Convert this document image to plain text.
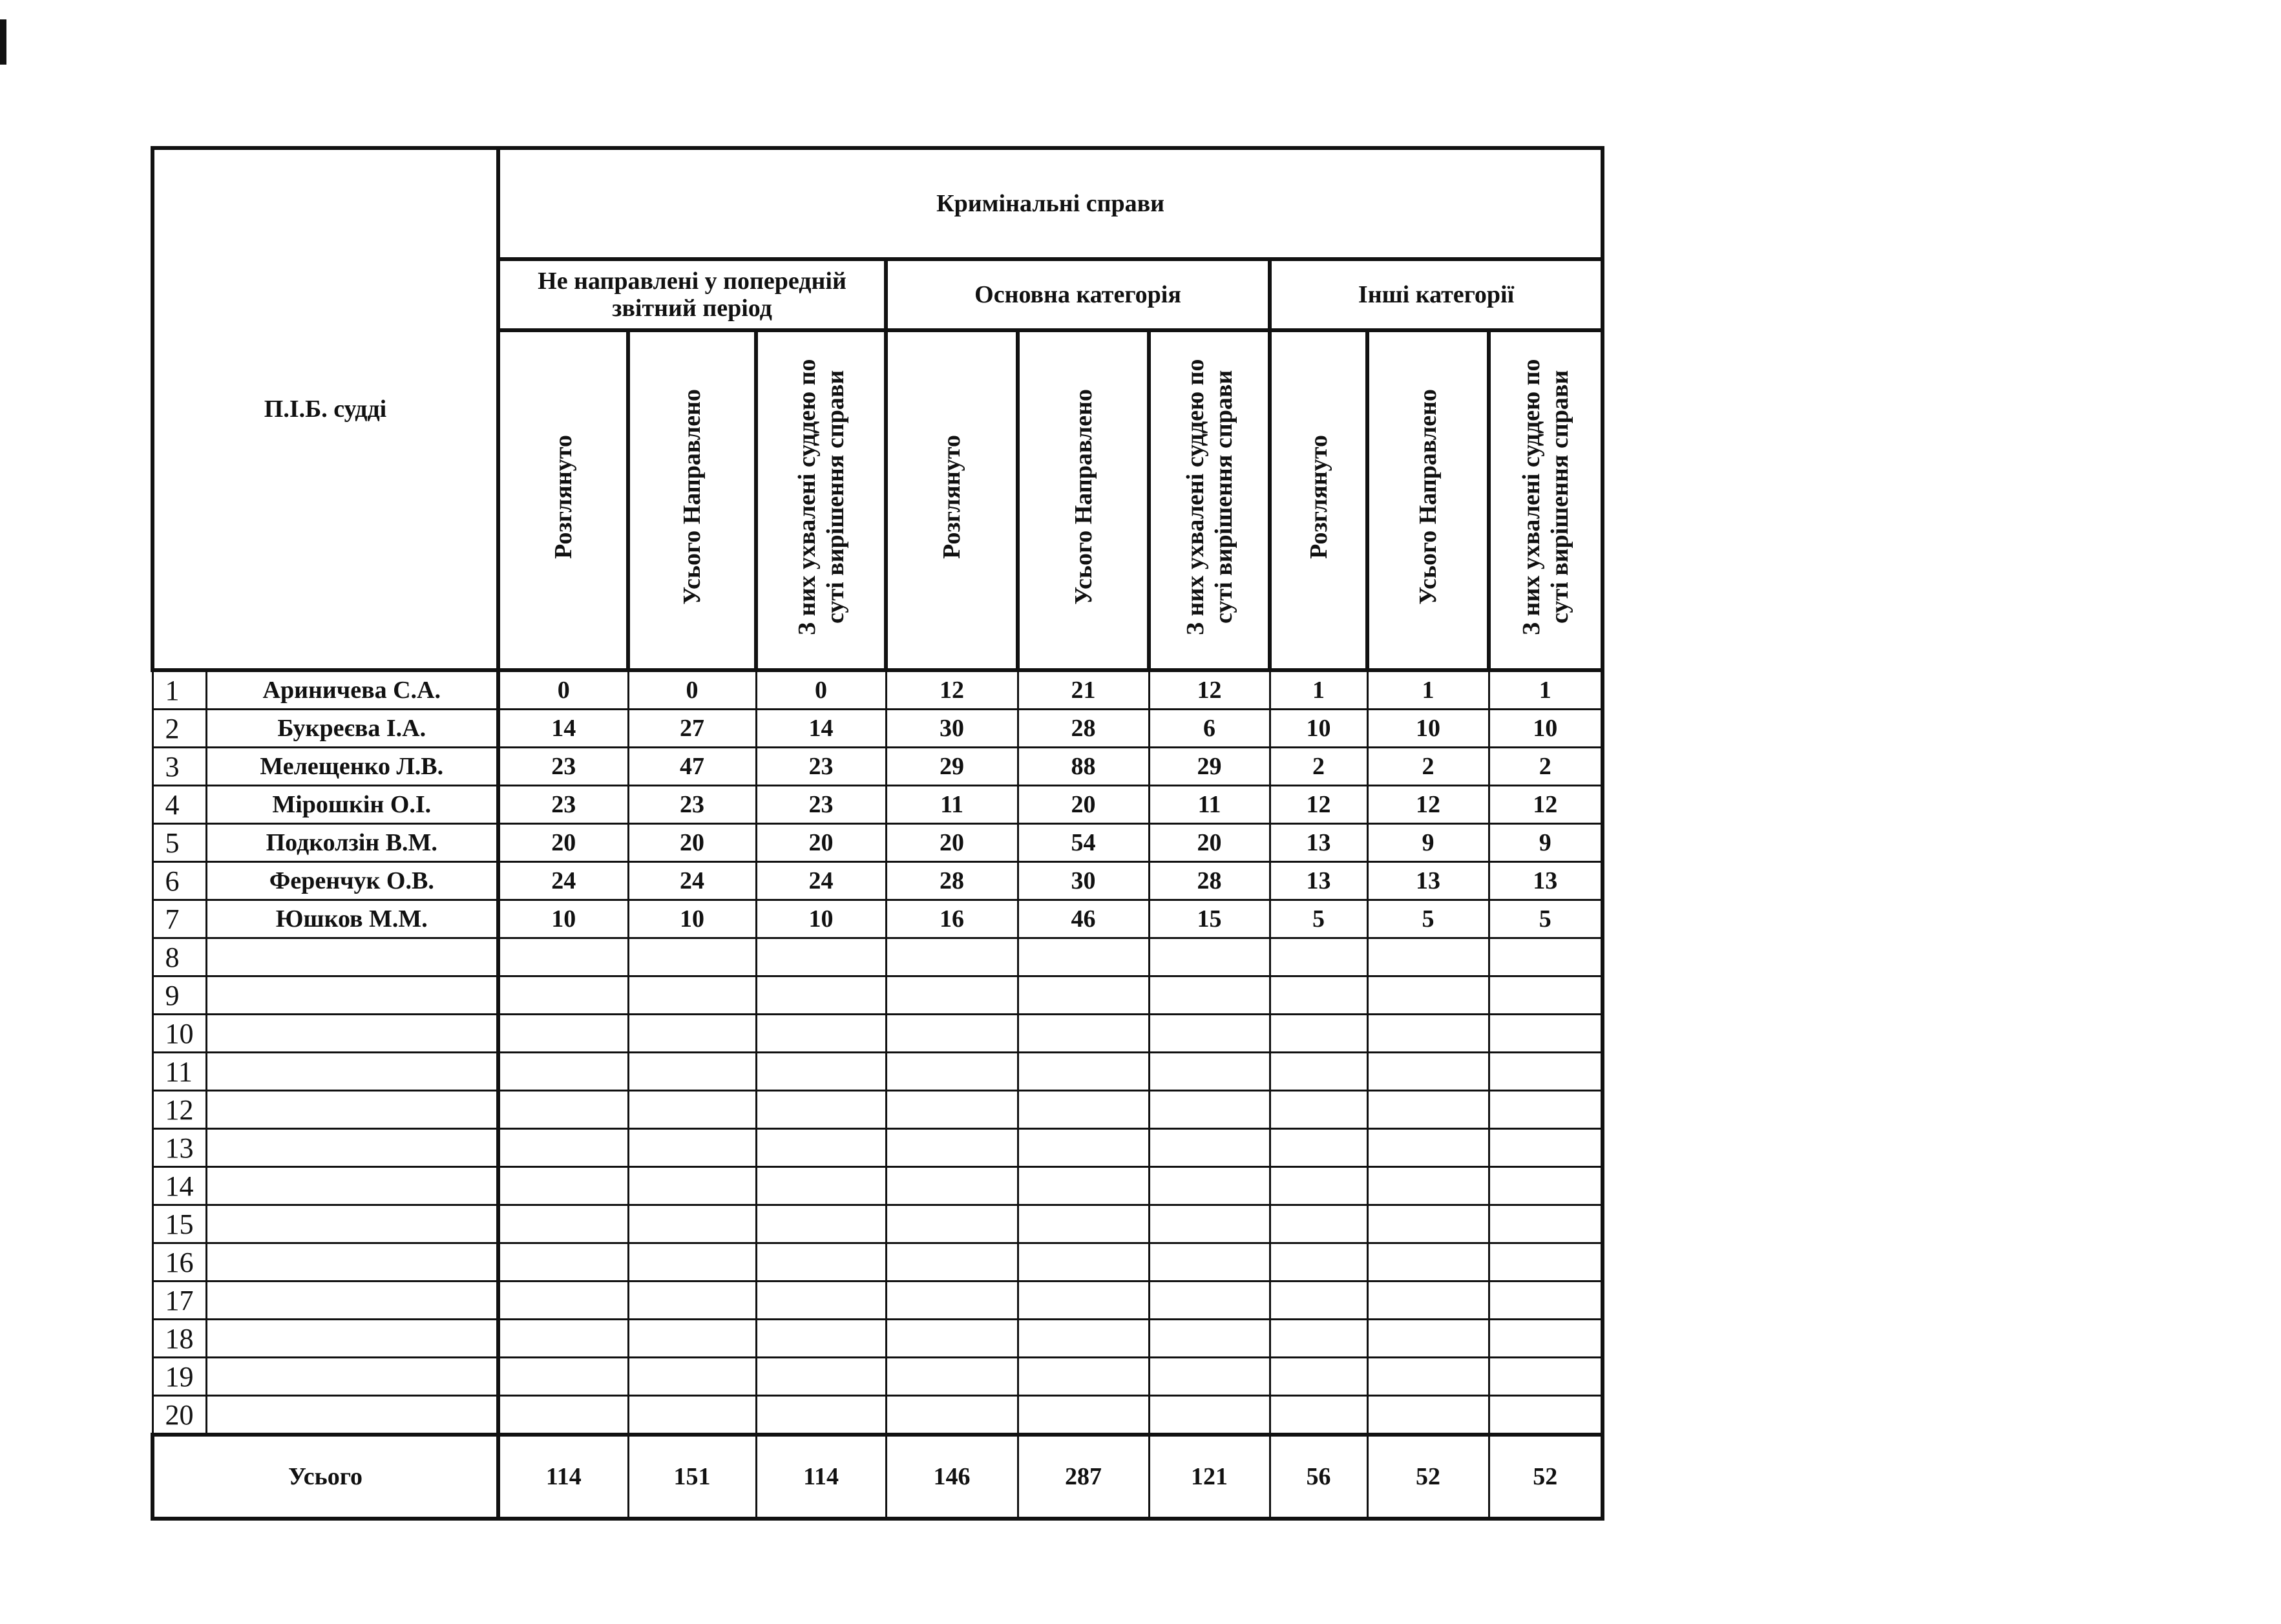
П.І.Б. судді		Кримінальні справи								
		Не направлені у попередній звітний період			Основна категорія			Інші категорії		
		Розглянуто	Усього Направлено	З них ухвалені суддею по суті вирішення справи	Розглянуто	Усього Направлено	З них ухвалені суддею по суті вирішення справи	Розглянуто	Усього Направлено	З них ухвалені суддею по суті вирішення справи
1	Ариничева С.А.	0	0	0	12	21	12	1	1	1
2	Букреєва І.А.	14	27	14	30	28	6	10	10	10
3	Мелещенко Л.В.	23	47	23	29	88	29	2	2	2
4	Мірошкін О.І.	23	23	23	11	20	11	12	12	12
5	Подколзін В.М.	20	20	20	20	54	20	13	9	9
6	Ференчук О.В.	24	24	24	28	30	28	13	13	13
7	Юшков М.М.	10	10	10	16	46	15	5	5	5
8										
9										
10										
11										
12										
13										
14										
15										
16										
17										
18										
19										
20										
Усього		114	151	114	146	287	121	56	52	52
